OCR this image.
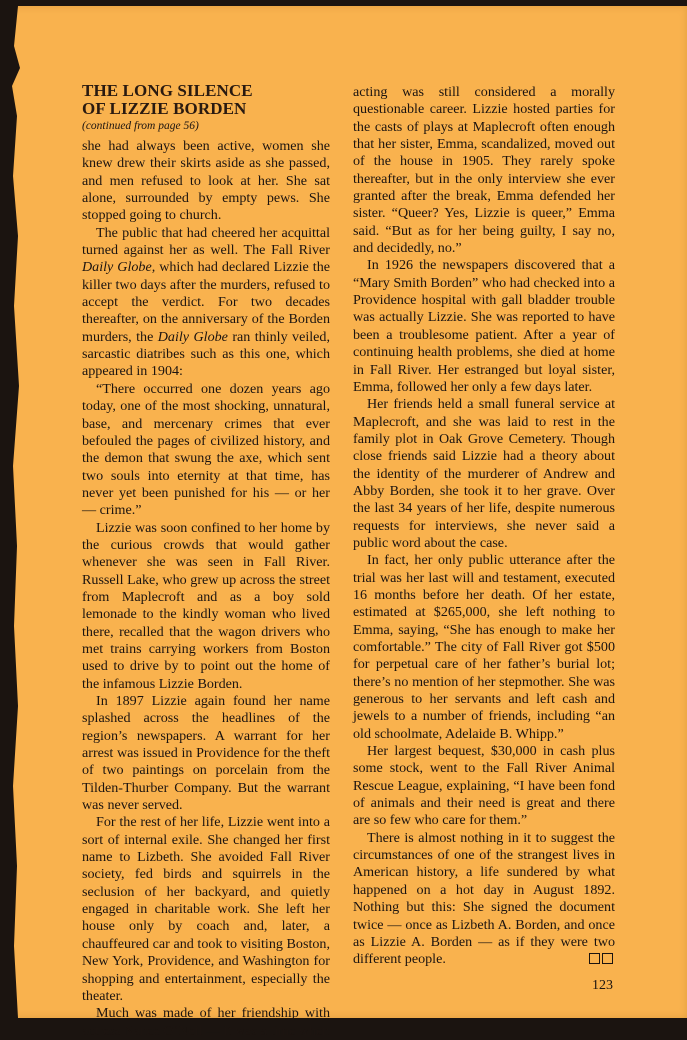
THE LONG SILENCE
OF LIZZIE BORDEN
(continued from page 56)

she had always been active, women she knew drew their skirts aside as she passed, and men refused to look at her. She sat alone, surrounded by empty pews. She stopped going to church.

The public that had cheered her acquittal turned against her as well. The Fall River Daily Globe, which had declared Lizzie the killer two days after the murders, refused to accept the verdict. For two decades thereafter, on the anniversary of the Borden murders, the Daily Globe ran thinly veiled, sarcastic diatribes such as this one, which appeared in 1904:

“There occurred one dozen years ago today, one of the most shocking, unnatural, base, and mercenary crimes that ever befouled the pages of civilized history, and the demon that swung the axe, which sent two souls into eternity at that time, has never yet been punished for his — or her — crime.”

Lizzie was soon confined to her home by the curious crowds that would gather whenever she was seen in Fall River. Russell Lake, who grew up across the street from Maplecroft and as a boy sold lemonade to the kindly woman who lived there, recalled that the wagon drivers who met trains carrying workers from Boston used to drive by to point out the home of the infamous Lizzie Borden.

In 1897 Lizzie again found her name splashed across the headlines of the region’s newspapers. A warrant for her arrest was issued in Providence for the theft of two paintings on porcelain from the Tilden-Thurber Company. But the warrant was never served.

For the rest of her life, Lizzie went into a sort of internal exile. She changed her first name to Lizbeth. She avoided Fall River society, fed birds and squirrels in the seclusion of her backyard, and quietly engaged in charitable work. She left her house only by coach and, later, a chauffeured car and took to visiting Boston, New York, Providence, and Washington for shopping and entertainment, especially the theater.

Much was made of her friendship with actress Nance O’Neil — it was a time when

acting was still considered a morally questionable career. Lizzie hosted parties for the casts of plays at Maplecroft often enough that her sister, Emma, scandalized, moved out of the house in 1905. They rarely spoke thereafter, but in the only interview she ever granted after the break, Emma defended her sister. “Queer? Yes, Lizzie is queer,” Emma said. “But as for her being guilty, I say no, and decidedly, no.”

In 1926 the newspapers discovered that a “Mary Smith Borden” who had checked into a Providence hospital with gall bladder trouble was actually Lizzie. She was reported to have been a troublesome patient. After a year of continuing health problems, she died at home in Fall River. Her estranged but loyal sister, Emma, followed her only a few days later.

Her friends held a small funeral service at Maplecroft, and she was laid to rest in the family plot in Oak Grove Cemetery. Though close friends said Lizzie had a theory about the identity of the murderer of Andrew and Abby Borden, she took it to her grave. Over the last 34 years of her life, despite numerous requests for interviews, she never said a public word about the case.

In fact, her only public utterance after the trial was her last will and testament, executed 16 months before her death. Of her estate, estimated at $265,000, she left nothing to Emma, saying, “She has enough to make her comfortable.” The city of Fall River got $500 for perpetual care of her father’s burial lot; there’s no mention of her stepmother. She was generous to her servants and left cash and jewels to a number of friends, including “an old schoolmate, Adelaide B. Whipp.”

Her largest bequest, $30,000 in cash plus some stock, went to the Fall River Animal Rescue League, explaining, “I have been fond of animals and their need is great and there are so few who care for them.”

There is almost nothing in it to suggest the circumstances of one of the strangest lives in American history, a life sundered by what happened on a hot day in August 1892. Nothing but this: She signed the document twice — once as Lizbeth A. Borden, and once as Lizzie A. Borden — as if they were two different people.

123
